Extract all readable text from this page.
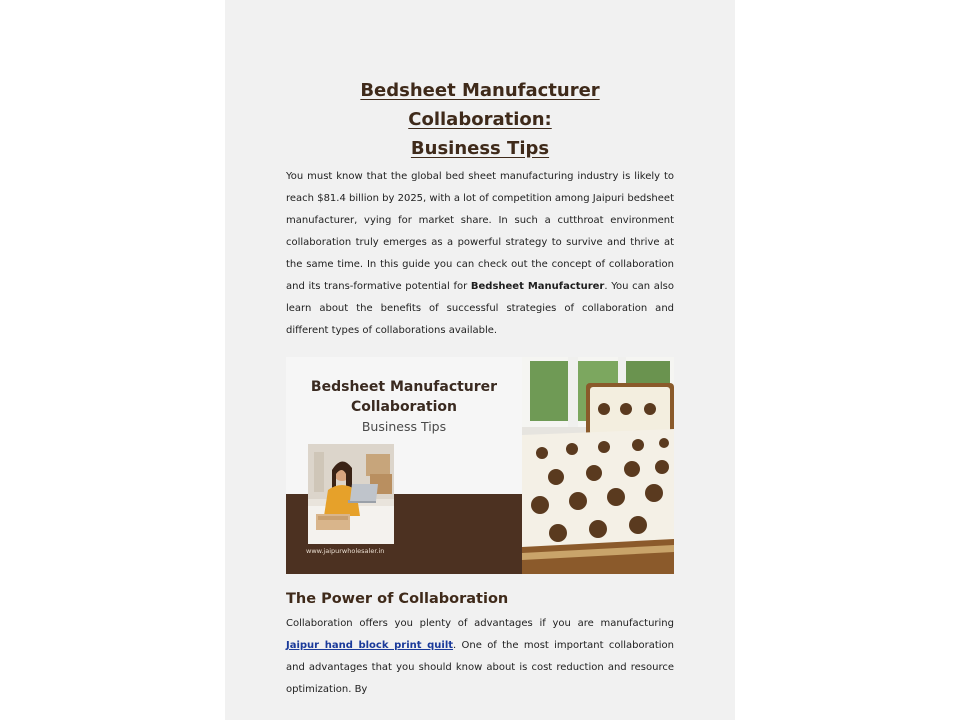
Bedsheet Manufacturer Collaboration:
Business Tips

You must know that the global bed sheet manufacturing industry is likely to reach $81.4 billion by 2025, with a lot of competition among Jaipuri bedsheet manufacturer, vying for market share. In such a cutthroat environment collaboration truly emerges as a powerful strategy to survive and thrive at the same time. In this guide you can check out the concept of collaboration and its trans-formative potential for Bedsheet Manufacturer. You can also learn about the benefits of successful strategies of collaboration and different types of collaborations available.

Bedsheet Manufacturer
Collaboration
Business Tips
www.jaipurwholesaler.in
The Power of Collaboration

Collaboration offers you plenty of advantages if you are manufacturing Jaipur hand block print quilt. One of the most important collaboration and advantages that you should know about is cost reduction and resource optimization. By
